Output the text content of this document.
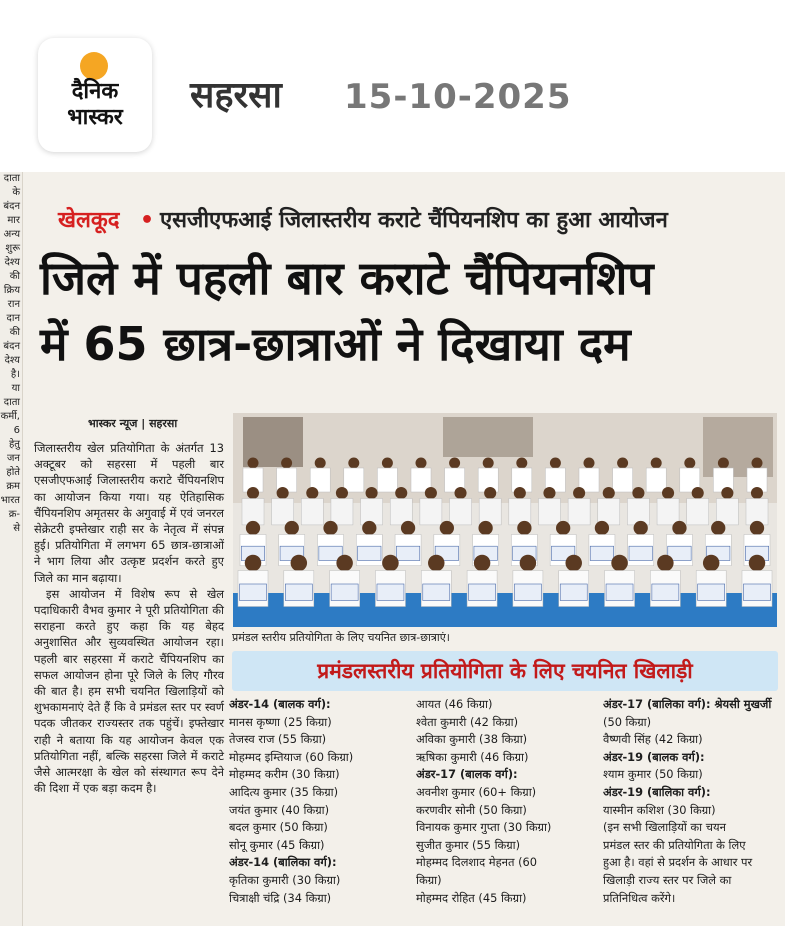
दैनिक
भास्कर
सहरसा 15-10-2025
दाता
के
बंदन
मार
अन्य
शुरू
देश्य
की
क्रिय
रान
दान
की
बंदन
देश्य
है।
या
दाता
कर्मी,
6
हेतु
जन
होते
क्रम
भारत
क्र-
से
खेलकूद • एसजीएफआई जिलास्तरीय कराटे चैंपियनशिप का हुआ आयोजन
जिले में पहली बार कराटे चैंपियनशिप
में 65 छात्र-छात्राओं ने दिखाया दम
भास्कर न्यूज | सहरसा

जिलास्तरीय खेल प्रतियोगिता के अंतर्गत 13 अक्टूबर को सहरसा में पहली बार एसजीएफआई जिलास्तरीय कराटे चैंपियनशिप का आयोजन किया गया। यह ऐतिहासिक चैंपियनशिप अमृतसर के अगुवाई में एवं जनरल सेक्रेटरी इफ्तेखार राही सर के नेतृत्व में संपन्न हुई। प्रतियोगिता में लगभग 65 छात्र-छात्राओं ने भाग लिया और उत्कृष्ट प्रदर्शन करते हुए जिले का मान बढ़ाया।

इस आयोजन में विशेष रूप से खेल पदाधिकारी वैभव कुमार ने पूरी प्रतियोगिता की सराहना करते हुए कहा कि यह बेहद अनुशासित और सुव्यवस्थित आयोजन रहा। पहली बार सहरसा में कराटे चैंपियनशिप का सफल आयोजन होना पूरे जिले के लिए गौरव की बात है। हम सभी चयनित खिलाड़ियों को शुभकामनाएं देते हैं कि वे प्रमंडल स्तर पर स्वर्ण पदक जीतकर राज्यस्तर तक पहुंचें। इफ्तेखार राही ने बताया कि यह आयोजन केवल एक प्रतियोगिता नहीं, बल्कि सहरसा जिले में कराटे जैसे आत्मरक्षा के खेल को संस्थागत रूप देने की दिशा में एक बड़ा कदम है।

प्रमंडल स्तरीय प्रतियोगिता के लिए चयनित छात्र-छात्राएं।
प्रमंडलस्तरीय प्रतियोगिता के लिए चयनित खिलाड़ी
अंडर-14 (बालक वर्ग):
मानस कृष्णा (25 किग्रा)
तेजस्व राज (55 किग्रा)
मोहम्मद इम्तियाज (60 किग्रा)
मोहम्मद करीम (30 किग्रा)
आदित्य कुमार (35 किग्रा)
जयंत कुमार (40 किग्रा)
बदल कुमार (50 किग्रा)
सोनू कुमार (45 किग्रा)
अंडर-14 (बालिका वर्ग):
कृतिका कुमारी (30 किग्रा)
चित्राक्षी चंद्रि (34 किग्रा)
आयत (46 किग्रा)
श्वेता कुमारी (42 किग्रा)
अविका कुमारी (38 किग्रा)
ऋषिका कुमारी (46 किग्रा)
अंडर-17 (बालक वर्ग):
अवनीश कुमार (60+ किग्रा)
करणवीर सोनी (50 किग्रा)
विनायक कुमार गुप्ता (30 किग्रा)
सुजीत कुमार (55 किग्रा)
मोहम्मद दिलशाद मेहनत (60
किग्रा)
मोहम्मद रोहित (45 किग्रा)
अंडर-17 (बालिका वर्ग): श्रेयसी मुखर्जी
(50 किग्रा)
वैष्णवी सिंह (42 किग्रा)
अंडर-19 (बालक वर्ग):
श्याम कुमार (50 किग्रा)
अंडर-19 (बालिका वर्ग):
यास्मीन कशिश (30 किग्रा)
(इन सभी खिलाड़ियों का चयन
प्रमंडल स्तर की प्रतियोगिता के लिए
हुआ है। वहां से प्रदर्शन के आधार पर
खिलाड़ी राज्य स्तर पर जिले का
प्रतिनिधित्व करेंगे।
